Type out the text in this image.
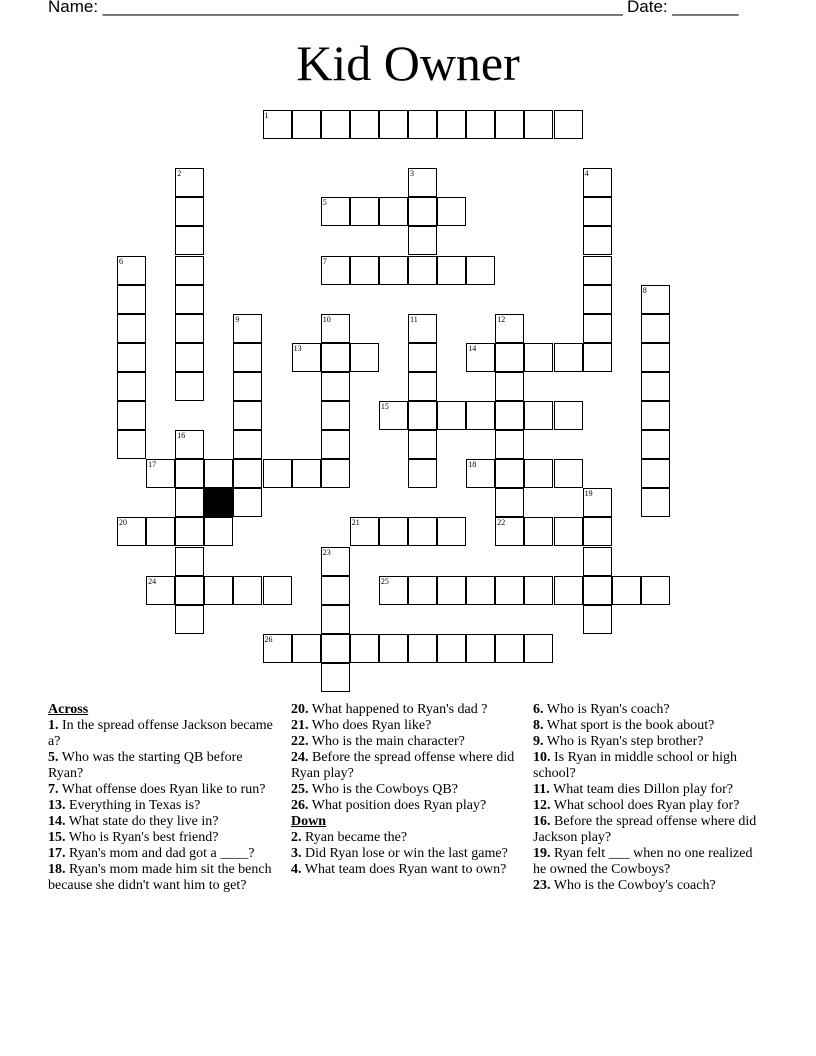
Name: _______________________________________________________ Date: _______
Kid Owner
1
2	3	4
5
6	7
8
9	10	11	12
13	14
15
16
17	18
19
20	21	22
23
24	25
26
Across
1. In the spread offense Jackson became a?
5. Who was the starting QB before Ryan?
7. What offense does Ryan like to run?
13. Everything in Texas is?
14. What state do they live in?
15. Who is Ryan's best friend?
17. Ryan's mom and dad got a ____?
18. Ryan's mom made him sit the bench because she didn't want him to get?
20. What happened to Ryan's dad ?
21. Who does Ryan like?
22. Who is the main character?
24. Before the spread offense where did Ryan play?
25. Who is the Cowboys QB?
26. What position does Ryan play?
Down
2. Ryan became the?
3. Did Ryan lose or win the last game?
4. What team does Ryan want to own?
6. Who is Ryan's coach?
8. What sport is the book about?
9. Who is Ryan's step brother?
10. Is Ryan in middle school or high school?
11. What team dies Dillon play for?
12. What school does Ryan play for?
16. Before the spread offense where did Jackson play?
19. Ryan felt ___ when no one realized he owned the Cowboys?
23. Who is the Cowboy's coach?
